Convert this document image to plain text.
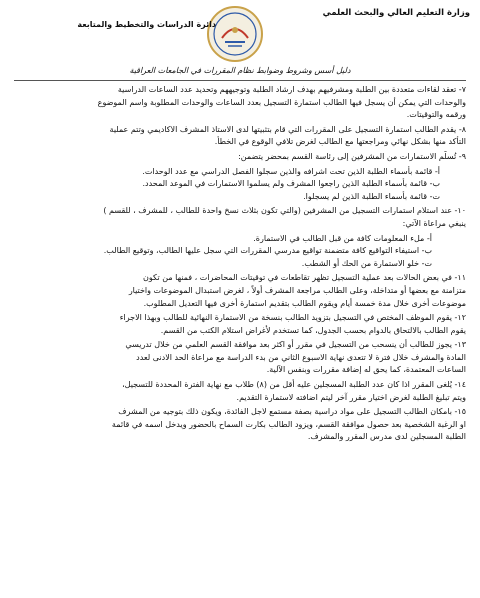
وزارة التعليم العالي والبحث العلمي
دائرة الدراسات والتخطيط والمتابعة
دليل أسس وشروط وضوابط نظام المقررات في الجامعات العراقية
٧- تعقد لقاءات متعددة بين الطلبة ومشرفيهم بهدف ارشاد الطلبة وتوجيههم وتحديد عدد الساعات الدراسية
والوحدات التي يمكن أن يسجل فيها الطالب استمارة التسجيل بعدد الساعات والوحدات المطلوبة واسم الموضوع
ورقمه والتوقيتات.
٨- يقدم الطالب استمارة التسجيل على المقررات التي قام بتثبيتها لدى الاستاذ المشرف الاكاديمي وتتم عملية
التأكد منها بشكل نهائي ومراجعتها مع الطالب لغرض تلافي الوقوع في الخطأ.
٩- تُسلّم الاستمارات من المشرفين إلى رئاسة القسم بمحضر يتضمن:
أ- قائمة بأسماء الطلبة الذين تحت اشرافه والذين سجلوا الفصل الدراسي مع عدد الوحدات.
ب- قائمة بأسماء الطلبة الذين راجعوا المشرف ولم يسلموا الاستمارات في الموعد المحدد.
ت- قائمة بأسماء الطلبة الذين لم يسجلوا.
١٠- عند استلام استمارات التسجيل من المشرفين (والتي تكون بثلاث نسخ واحدة للطالب ، للمشرف ، للقسم )
ينبغي مراعاة الآتي:
أ- ملء المعلومات كافة من قبل الطالب في الاستمارة.
ب- استيفاء التواقيع كافة متضمنة تواقيع مدرسي المقررات التي سجل عليها الطالب، وتوقيع الطالب.
ت- خلو الاستمارة من الحك أو الشطب.
١١- في بعض الحالات بعد عملية التسجيل تظهر تقاطعات في توقيتات المحاضرات ، فمنها من تكون
متزامنة مع بعضها أو متداخلة، وعلى الطالب مراجعة المشرف أولاً ، لغرض استبدال الموضوعات واختيار
موضوعات أخرى خلال مدة خمسة أيام ويقوم الطالب بتقديم استمارة أخرى فيها التعديل المطلوب.
١٢- يقوم الموظف المختص في التسجيل بتزويد الطالب بنسخة من الاستمارة النهائية للطالب وبهذا الاجراء
يقوم الطالب بالالتحاق بالدوام بحسب الجدول، كما تستخدم لأغراض استلام الكتب من القسم.
١٣- يجوز للطالب أن ينسحب من التسجيل في مقرر أو اكثر بعد موافقة القسم العلمي من خلال تدريسي
المادة والمشرف خلال فترة لا تتعدى نهاية الاسبوع الثاني من بدء الدراسة مع مراعاة الحد الادنى لعدد
الساعات المعتمدة، كما يحق له إضافة مقررات وبنفس الآلية.
١٤- يُلغى المقرر اذا كان عدد الطلبة المسجلين عليه أقل من (٨) طلاب مع نهاية الفترة المحددة للتسجيل،
ويتم تبليغ الطلبة لغرض اختيار مقرر آخر ليتم اضافته لاستمارة التقديم.
١٥- بامكان الطالب التسجيل على مواد دراسية بصفة مستمع لاجل الفائدة، ويكون ذلك بتوجيه من المشرف
او الرغبة الشخصية بعد حصول موافقة القسم، ويزود الطالب بكارت السماح بالحضور ويدخل اسمه في قائمة
الطلبة المسجلين لدى مدرس المقرر والمشرف.
